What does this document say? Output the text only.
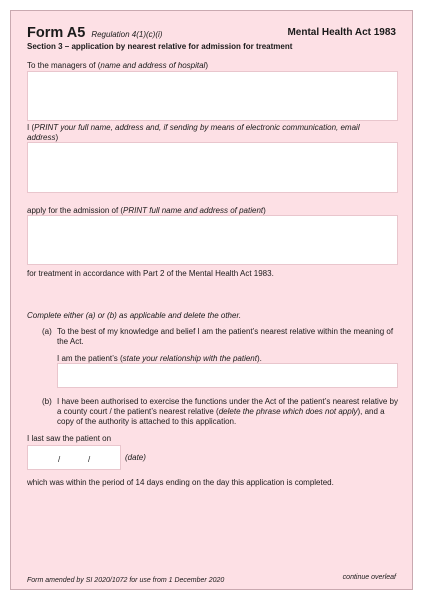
Form A5 Regulation 4(1)(c)(i)	Mental Health Act 1983
Section 3 – application by nearest relative for admission for treatment
To the managers of (name and address of hospital)
I (PRINT your full name, address and, if sending by means of electronic communication, email address)
apply for the admission of (PRINT full name and address of patient)
for treatment in accordance with Part 2 of the Mental Health Act 1983.
Complete either (a) or (b) as applicable and delete the other.
(a) To the best of my knowledge and belief I am the patient’s nearest relative within the meaning of the Act.
I am the patient’s (state your relationship with the patient).
(b) I have been authorised to exercise the functions under the Act of the patient’s nearest relative by a county court / the patient’s nearest relative (delete the phrase which does not apply), and a copy of the authority is attached to this application.
I last saw the patient on
/	/	(date)
which was within the period of 14 days ending on the day this application is completed.
Form amended by SI 2020/1072 for use from 1 December 2020	continue overleaf
